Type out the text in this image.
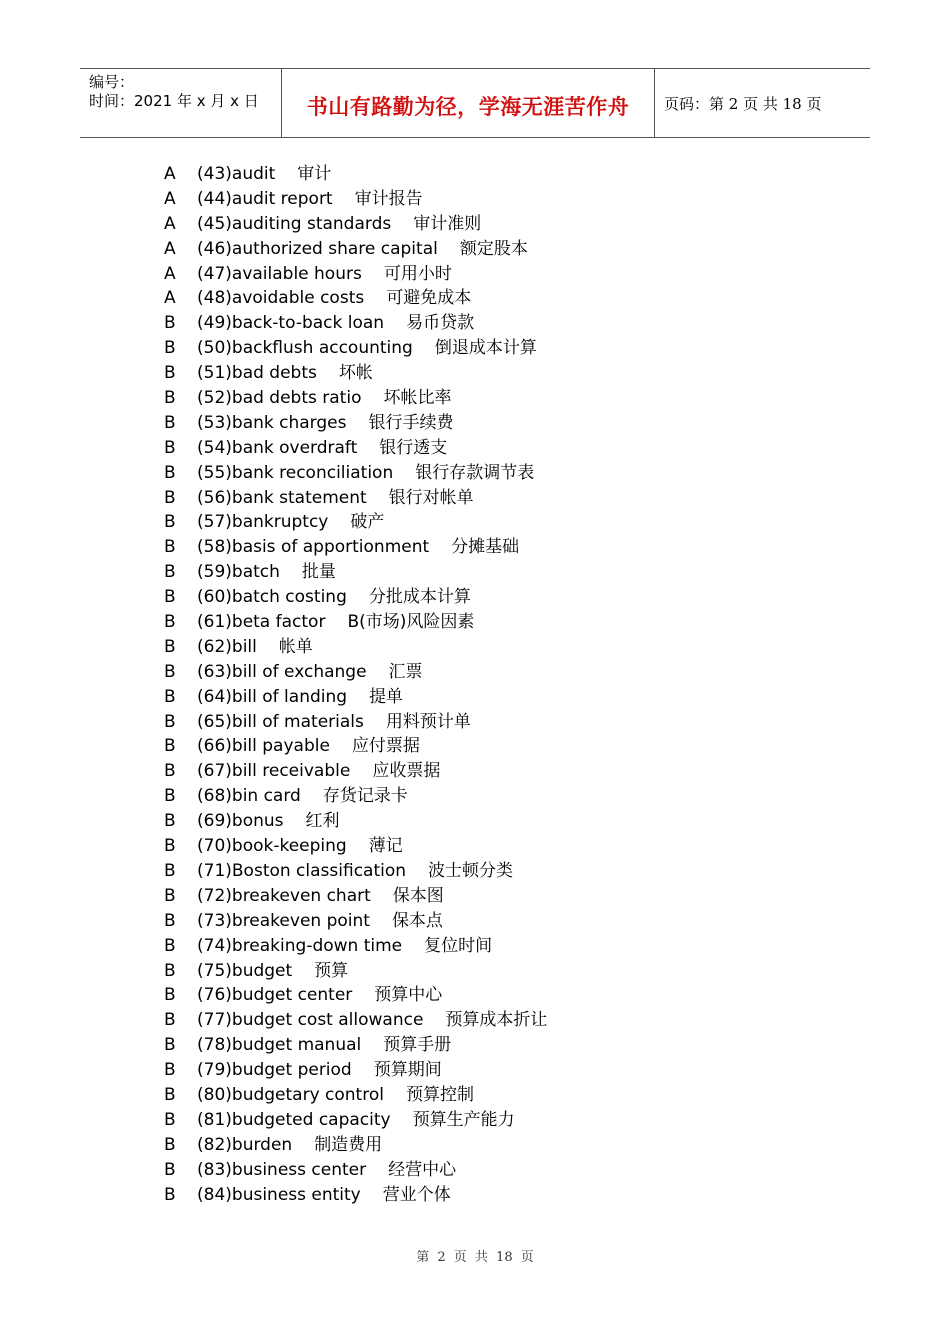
编号：
时间：2021 年 x 月 x 日	书山有路勤为径，学海无涯苦作舟	页码：第 2 页 共 18 页
A	(43)audit 审计
A	(44)audit report 审计报告
A	(45)auditing standards 审计准则
A	(46)authorized share capital 额定股本
A	(47)available hours 可用小时
A	(48)avoidable costs 可避免成本
B	(49)back-to-back loan 易币贷款
B	(50)backflush accounting 倒退成本计算
B	(51)bad debts 坏帐
B	(52)bad debts ratio 坏帐比率
B	(53)bank charges 银行手续费
B	(54)bank overdraft 银行透支
B	(55)bank reconciliation 银行存款调节表
B	(56)bank statement 银行对帐单
B	(57)bankruptcy 破产
B	(58)basis of apportionment 分摊基础
B	(59)batch 批量
B	(60)batch costing 分批成本计算
B	(61)beta factor B(市场)风险因素
B	(62)bill 帐单
B	(63)bill of exchange 汇票
B	(64)bill of landing 提单
B	(65)bill of materials 用料预计单
B	(66)bill payable 应付票据
B	(67)bill receivable 应收票据
B	(68)bin card 存货记录卡
B	(69)bonus 红利
B	(70)book-keeping 薄记
B	(71)Boston classification 波士顿分类
B	(72)breakeven chart 保本图
B	(73)breakeven point 保本点
B	(74)breaking-down time 复位时间
B	(75)budget 预算
B	(76)budget center 预算中心
B	(77)budget cost allowance 预算成本折让
B	(78)budget manual 预算手册
B	(79)budget period 预算期间
B	(80)budgetary control 预算控制
B	(81)budgeted capacity 预算生产能力
B	(82)burden 制造费用
B	(83)business center 经营中心
B	(84)business entity 营业个体
第 2 页 共 18 页
